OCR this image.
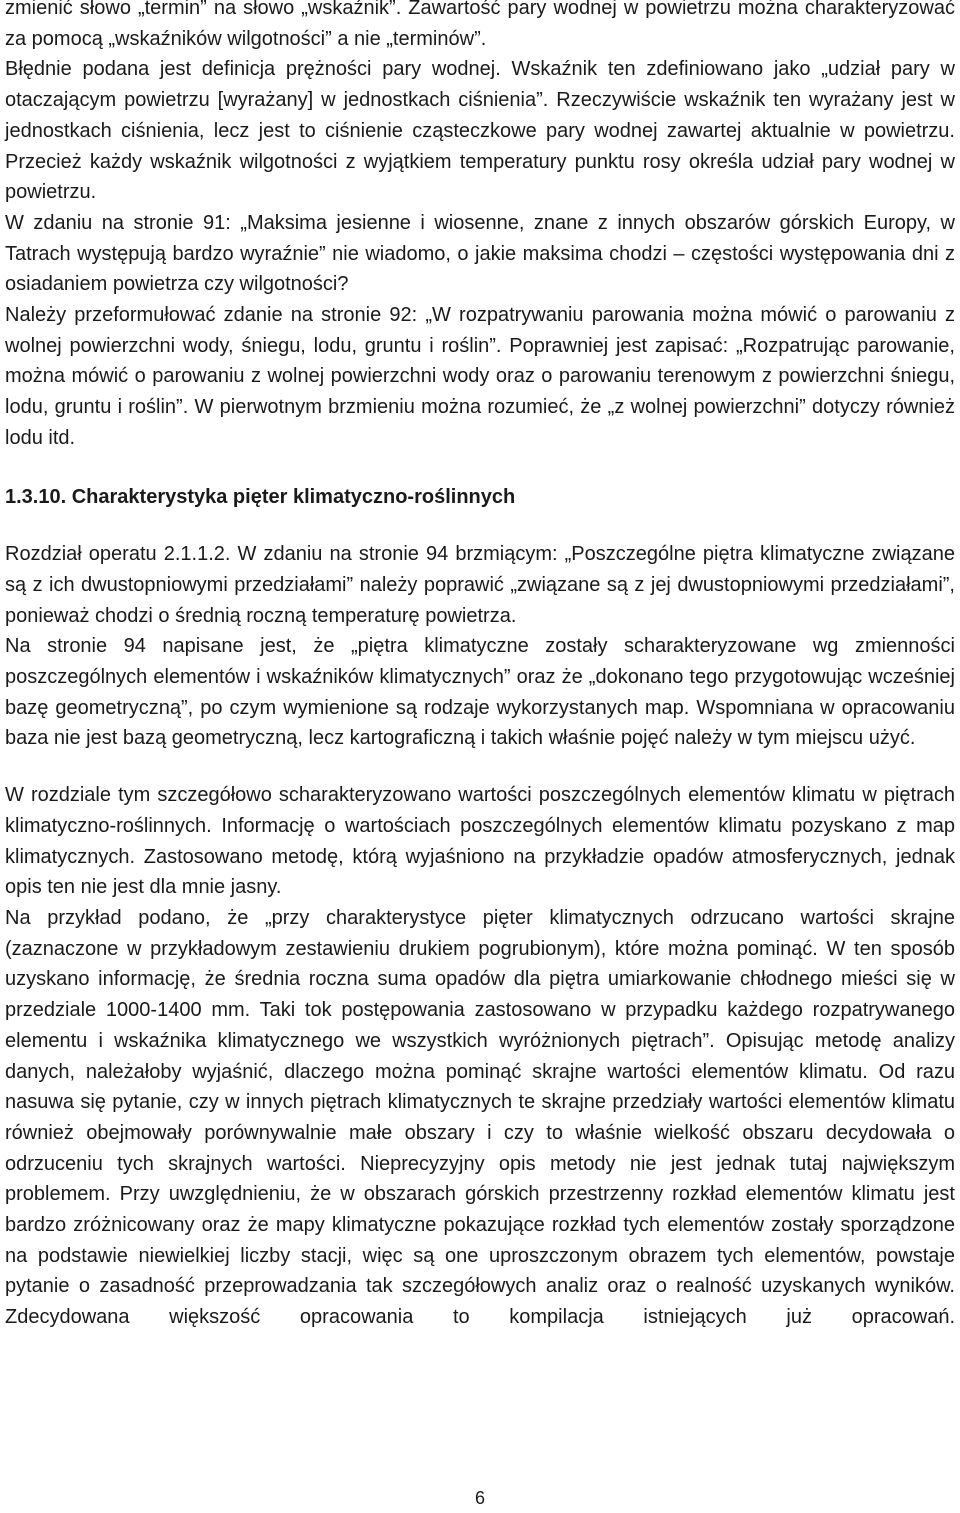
zmienić słowo „termin” na słowo „wskaźnik”. Zawartość pary wodnej w powietrzu można charakteryzować za pomocą „wskaźników wilgotności” a nie „terminów”.

Błędnie podana jest definicja prężności pary wodnej. Wskaźnik ten zdefiniowano jako „udział pary w otaczającym powietrzu [wyrażany] w jednostkach ciśnienia”. Rzeczywiście wskaźnik ten wyrażany jest w jednostkach ciśnienia, lecz jest to ciśnienie cząsteczkowe pary wodnej zawartej aktualnie w powietrzu. Przecież każdy wskaźnik wilgotności z wyjątkiem temperatury punktu rosy określa udział pary wodnej w powietrzu.

W zdaniu na stronie 91: „Maksima jesienne i wiosenne, znane z innych obszarów górskich Europy, w Tatrach występują bardzo wyraźnie” nie wiadomo, o jakie maksima chodzi – częstości występowania dni z osiadaniem powietrza czy wilgotności?

Należy przeformułować zdanie na stronie 92: „W rozpatrywaniu parowania można mówić o parowaniu z wolnej powierzchni wody, śniegu, lodu, gruntu i roślin”. Poprawniej jest zapisać: „Rozpatrując parowanie, można mówić o parowaniu z wolnej powierzchni wody oraz o parowaniu terenowym z powierzchni śniegu, lodu, gruntu i roślin”. W pierwotnym brzmieniu można rozumieć, że „z wolnej powierzchni” dotyczy również lodu itd.

1.3.10. Charakterystyka pięter klimatyczno-roślinnych

Rozdział operatu 2.1.1.2. W zdaniu na stronie 94 brzmiącym: „Poszczególne piętra klimatyczne związane są z ich dwustopniowymi przedziałami” należy poprawić „związane są z jej dwustopniowymi przedziałami”, ponieważ chodzi o średnią roczną temperaturę powietrza.

Na stronie 94 napisane jest, że „piętra klimatyczne zostały scharakteryzowane wg zmienności poszczególnych elementów i wskaźników klimatycznych” oraz że „dokonano tego przygotowując wcześniej bazę geometryczną”, po czym wymienione są rodzaje wykorzystanych map. Wspomniana w opracowaniu baza nie jest bazą geometryczną, lecz kartograficzną i takich właśnie pojęć należy w tym miejscu użyć.

W rozdziale tym szczegółowo scharakteryzowano wartości poszczególnych elementów klimatu w piętrach klimatyczno-roślinnych. Informację o wartościach poszczególnych elementów klimatu pozyskano z map klimatycznych. Zastosowano metodę, którą wyjaśniono na przykładzie opadów atmosferycznych, jednak opis ten nie jest dla mnie jasny.

Na przykład podano, że „przy charakterystyce pięter klimatycznych odrzucano wartości skrajne (zaznaczone w przykładowym zestawieniu drukiem pogrubionym), które można pominąć. W ten sposób uzyskano informację, że średnia roczna suma opadów dla piętra umiarkowanie chłodnego mieści się w przedziale 1000-1400 mm. Taki tok postępowania zastosowano w przypadku każdego rozpatrywanego elementu i wskaźnika klimatycznego we wszystkich wyróżnionych piętrach”. Opisując metodę analizy danych, należałoby wyjaśnić, dlaczego można pominąć skrajne wartości elementów klimatu. Od razu nasuwa się pytanie, czy w innych piętrach klimatycznych te skrajne przedziały wartości elementów klimatu również obejmowały porównywalnie małe obszary i czy to właśnie wielkość obszaru decydowała o odrzuceniu tych skrajnych wartości. Nieprecyzyjny opis metody nie jest jednak tutaj największym problemem. Przy uwzględnieniu, że w obszarach górskich przestrzenny rozkład elementów klimatu jest bardzo zróżnicowany oraz że mapy klimatyczne pokazujące rozkład tych elementów zostały sporządzone na podstawie niewielkiej liczby stacji, więc są one uproszczonym obrazem tych elementów, powstaje pytanie o zasadność przeprowadzania tak szczegółowych analiz oraz o realność uzyskanych wyników. Zdecydowana większość opracowania to kompilacja istniejących już opracowań.

6
